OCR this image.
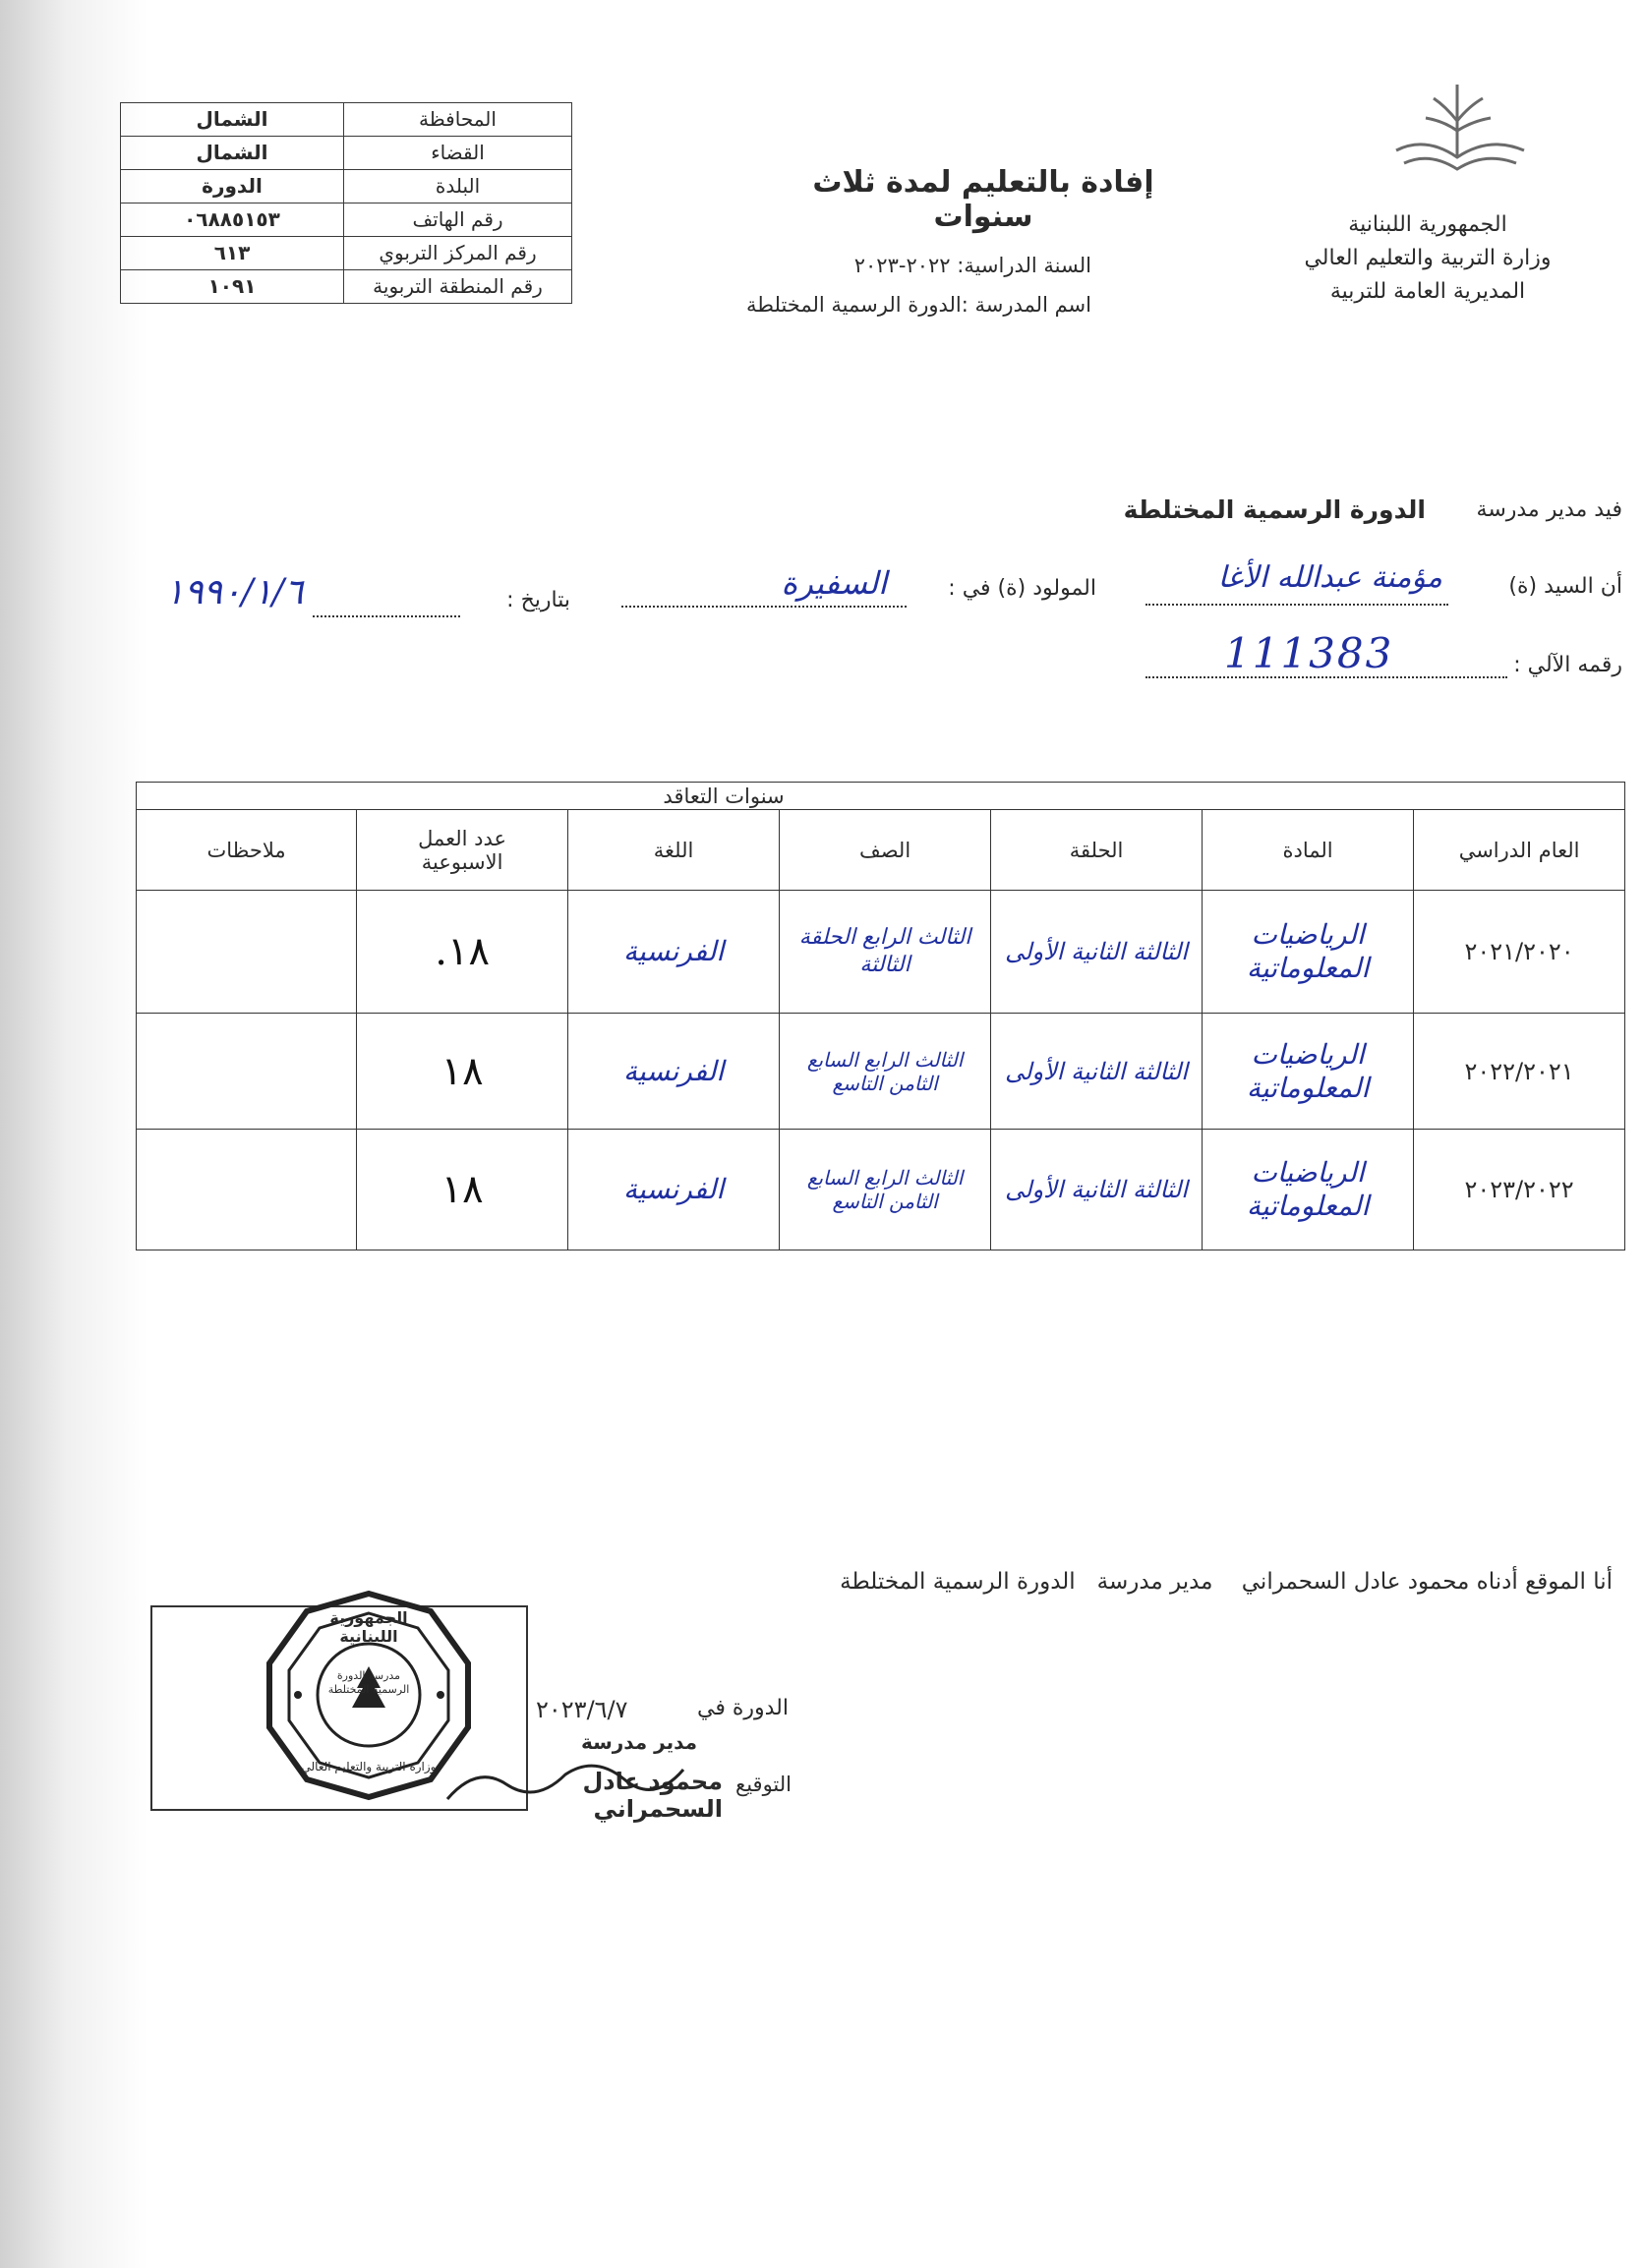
الجمهورية اللبنانية
وزارة التربية والتعليم العالي
المديرية العامة للتربية
إفادة بالتعليم لمدة ثلاث سنوات
السنة الدراسية: ٢٠٢٢-٢٠٢٣
اسم المدرسة :الدورة الرسمية المختلطة
المحافظة	الشمال
القضاء	الشمال
البلدة	الدورة
رقم الهاتف	٠٦٨٨٥١٥٣
رقم المركز التربوي	٦١٣
رقم المنطقة التربوية	١٠٩١
فيد مدير مدرسة
الدورة الرسمية المختلطة
أن السيد (ة)
مؤمنة عبدالله الأغا
المولود (ة) في :
السفيرة
بتاريخ :
١٩٩٠/١/٦
رقمه الآلي :
111383
سنوات التعاقد						
العام الدراسي	المادة	الحلقة	الصف	اللغة	عدد العمل الاسبوعية	ملاحظات
٢٠٢١/٢٠٢٠	الرياضيات المعلوماتية	الثالثة الثانية الأولى	الثالث الرابع الحلقة الثالثة	الفرنسية	١٨.	
٢٠٢٢/٢٠٢١	الرياضيات المعلوماتية	الثالثة الثانية الأولى	الثالث الرابع السابع الثامن التاسع	الفرنسية	١٨	
٢٠٢٣/٢٠٢٢	الرياضيات المعلوماتية	الثالثة الثانية الأولى	الثالث الرابع السابع الثامن التاسع	الفرنسية	١٨	
أنا الموقع أدناه محمود عادل السحمراني    مدير مدرسة   الدورة الرسمية المختلطة
الجمهورية اللبنانية
مدرسة الدورة الرسمية المختلطة
وزارة التربية والتعليم العالي
الدورة في
٢٠٢٣/٦/٧
مدير مدرسة
التوقيع
محمود عادل السحمراني
